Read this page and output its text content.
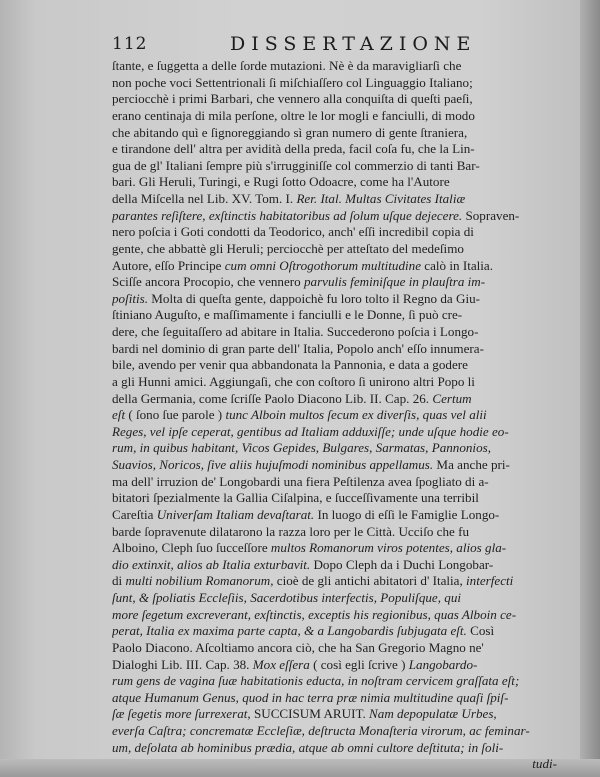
112	DISSERTAZIONE
ſtante, e ſuggetta a delle ſorde mutazioni. Nè è da maravigliarſi che
non poche voci Settentrionali ſi miſchiaſſero col Linguaggio Italiano;
perciocchè i primi Barbari, che vennero alla conquiſta di queſti paeſi,
erano centinaja di mila perſone, oltre le lor mogli e fanciulli, di modo
che abitando quì e ſignoreggiando sì gran numero di gente ſtraniera,
e tirandone dell' altra per avidità della preda, facil coſa fu, che la Lin-
gua de gl' Italiani ſempre più s'irrugginiſſe col commerzio di tanti Bar-
bari. Gli Heruli, Turingi, e Rugi ſotto Odoacre, come ha l'Autore
della Miſcella nel Lib. XV. Tom. I. Rer. Ital. Multas Civitates Italiæ
parantes reſiſtere, exſtinctis habitatoribus ad ſolum uſque dejecere. Sopraven-
nero poſcia i Goti condotti da Teodorico, anch' eſſi incredibil copia di
gente, che abbattè gli Heruli; perciocchè per atteſtato del medeſimo
Autore, eſſo Principe cum omni Oſtrogothorum multitudine calò in Italia.
Sciſſe ancora Procopio, che vennero parvulis feminiſque in plauſtra im-
poſitis. Molta di queſta gente, dappoichè fu loro tolto il Regno da Giu-
ſtiniano Auguſto, e maſſimamente i fanciulli e le Donne, ſi può cre-
dere, che ſeguitaſſero ad abitare in Italia. Succederono poſcia i Longo-
bardi nel dominio di gran parte dell' Italia, Popolo anch' eſſo innumera-
bile, avendo per venir qua abbandonata la Pannonia, e data a godere
a gli Hunni amici. Aggiungaſi, che con coſtoro ſi unirono altri Popo li
della Germania, come ſcriſſe Paolo Diacono Lib. II. Cap. 26. Certum
eſt ( ſono ſue parole ) tunc Alboin multos ſecum ex diverſis, quas vel alii
Reges, vel ipſe ceperat, gentibus ad Italiam adduxiſſe; unde uſque hodie eo-
rum, in quibus habitant, Vicos Gepides, Bulgares, Sarmatas, Pannonios,
Suavios, Noricos, ſive aliis hujuſmodi nominibus appellamus. Ma anche pri-
ma dell' irruzion de' Longobardi una fiera Peſtilenza avea ſpogliato di a-
bitatori ſpezialmente la Gallia Ciſalpina, e ſucceſſivamente una terribil
Careſtia Univerſam Italiam devaſtarat. In luogo di eſſi le Famiglie Longo-
barde ſopravenute dilatarono la razza loro per le Città. Ucciſo che fu
Alboino, Cleph ſuo ſucceſſore multos Romanorum viros potentes, alios gla-
dio extinxit, alios ab Italia exturbavit. Dopo Cleph da i Duchi Longobar-
di multi nobilium Romanorum, cioè de gli antichi abitatori d' Italia, interfecti
ſunt, & ſpoliatis Eccleſiis, Sacerdotibus interfectis, Populiſque, qui
more ſegetum excreverant, exſtinctis, exceptis his regionibus, quas Alboin ce-
perat, Italia ex maxima parte capta, & a Langobardis ſubjugata eſt. Così
Paolo Diacono. Aſcoltiamo ancora ciò, che ha San Gregorio Magno ne'
Dialoghi Lib. III. Cap. 38. Mox eſſera ( così egli ſcrive ) Langobardo-
rum gens de vagina ſuæ habitationis educta, in noſtram cervicem graſſata eſt;
atque Humanum Genus, quod in hac terra præ nimia multitudine quaſi ſpiſ-
ſæ ſegetis more ſurrexerat, SUCCISUM ARUIT. Nam depopulatæ Urbes,
everſa Caſtra; concrematæ Eccleſiæ, deſtructa Monaſteria virorum, ac feminar-
um, deſolata ab hominibus prædia, atque ab omni cultore deſtituta; in ſoli-
tudi-
